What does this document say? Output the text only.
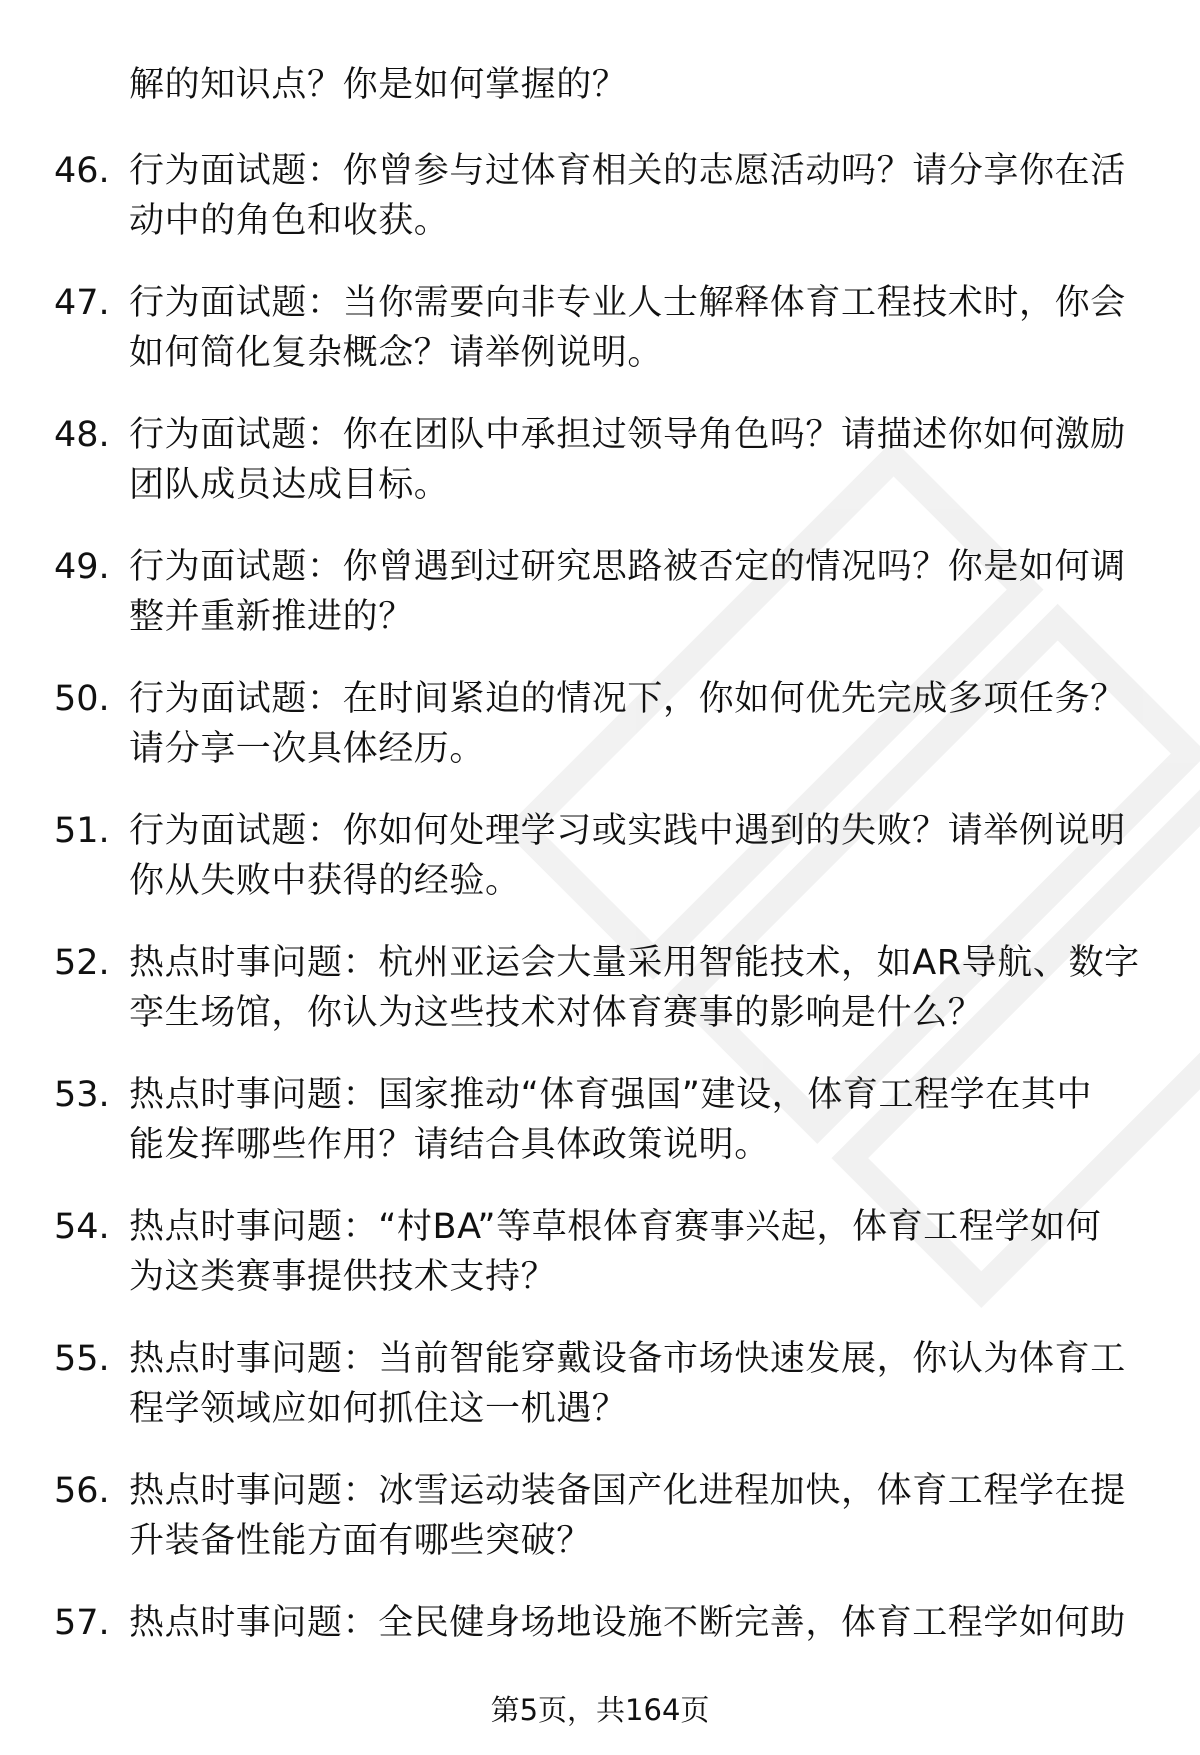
解的知识点？你是如何掌握的？
46. 行为面试题：你曾参与过体育相关的志愿活动吗？请分享你在活
动中的角色和收获。
47. 行为面试题：当你需要向非专业人士解释体育工程技术时，你会
如何简化复杂概念？请举例说明。
48. 行为面试题：你在团队中承担过领导角色吗？请描述你如何激励
团队成员达成目标。
49. 行为面试题：你曾遇到过研究思路被否定的情况吗？你是如何调
整并重新推进的？
50. 行为面试题：在时间紧迫的情况下，你如何优先完成多项任务？
请分享一次具体经历。
51. 行为面试题：你如何处理学习或实践中遇到的失败？请举例说明
你从失败中获得的经验。
52. 热点时事问题：杭州亚运会大量采用智能技术，如AR导航、数字
孪生场馆，你认为这些技术对体育赛事的影响是什么？
53. 热点时事问题：国家推动“体育强国”建设，体育工程学在其中
能发挥哪些作用？请结合具体政策说明。
54. 热点时事问题：“村BA”等草根体育赛事兴起，体育工程学如何
为这类赛事提供技术支持？
55. 热点时事问题：当前智能穿戴设备市场快速发展，你认为体育工
程学领域应如何抓住这一机遇？
56. 热点时事问题：冰雪运动装备国产化进程加快，体育工程学在提
升装备性能方面有哪些突破？
57. 热点时事问题：全民健身场地设施不断完善，体育工程学如何助
第5页，共164页
